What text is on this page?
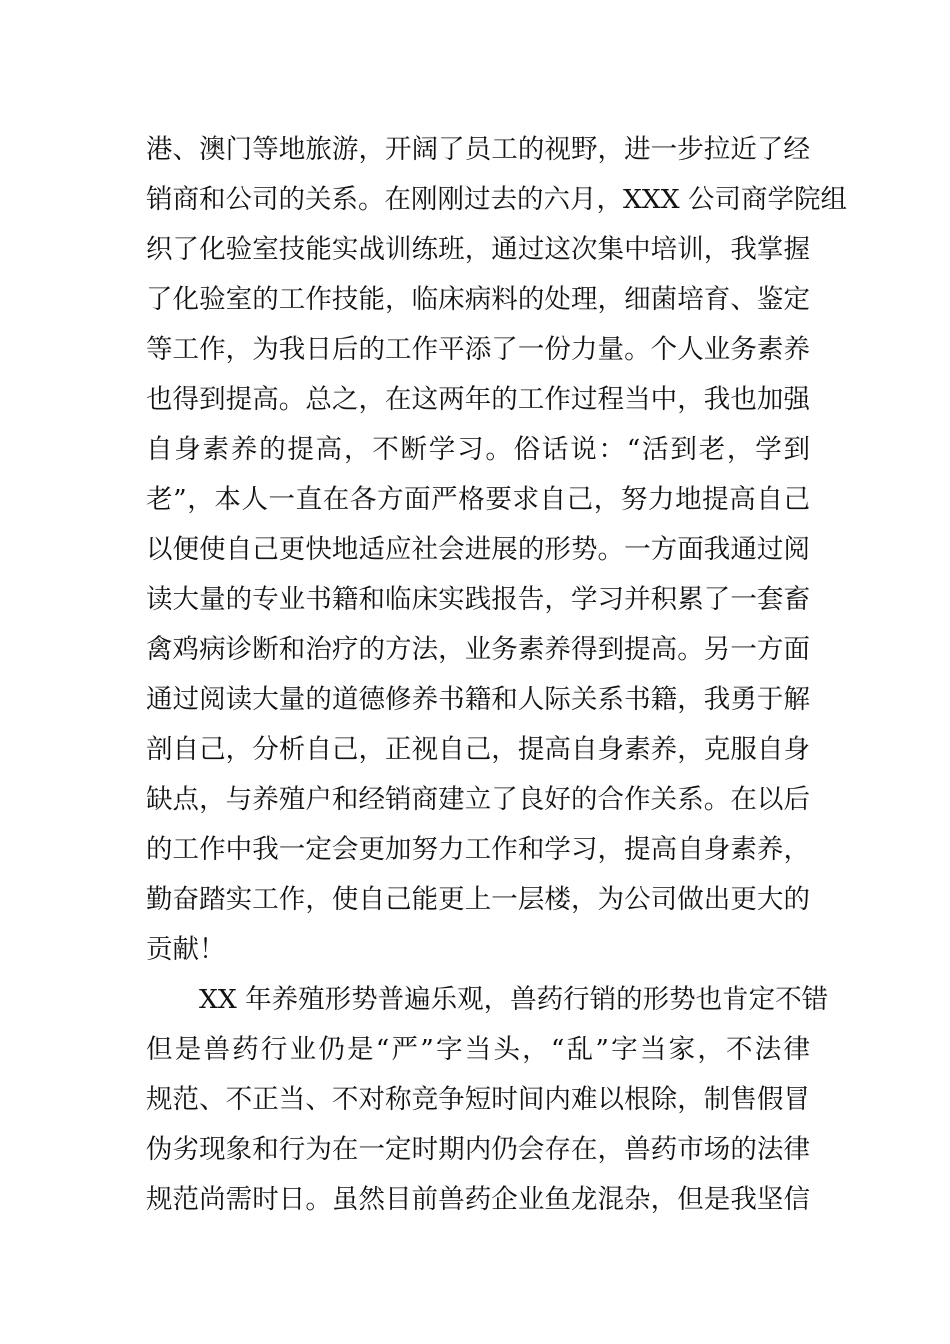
港、澳门等地旅游，开阔了员工的视野，进一步拉近了经
销商和公司的关系。在刚刚过去的六月，XXX 公司商学院组
织了化验室技能实战训练班，通过这次集中培训，我掌握
了化验室的工作技能，临床病料的处理，细菌培育、鉴定
等工作，为我日后的工作平添了一份力量。个人业务素养
也得到提高。总之，在这两年的工作过程当中，我也加强
自身素养的提高，不断学习。俗话说：“活到老，学到
老”，本人一直在各方面严格要求自己，努力地提高自己
以便使自己更快地适应社会进展的形势。一方面我通过阅
读大量的专业书籍和临床实践报告，学习并积累了一套畜
禽鸡病诊断和治疗的方法，业务素养得到提高。另一方面
通过阅读大量的道德修养书籍和人际关系书籍，我勇于解
剖自己，分析自己，正视自己，提高自身素养，克服自身
缺点，与养殖户和经销商建立了良好的合作关系。在以后
的工作中我一定会更加努力工作和学习，提高自身素养，
勤奋踏实工作，使自己能更上一层楼，为公司做出更大的
贡献！
XX 年养殖形势普遍乐观，兽药行销的形势也肯定不错
但是兽药行业仍是“严”字当头，“乱”字当家，不法律
规范、不正当、不对称竞争短时间内难以根除，制售假冒
伪劣现象和行为在一定时期内仍会存在，兽药市场的法律
规范尚需时日。虽然目前兽药企业鱼龙混杂，但是我坚信
